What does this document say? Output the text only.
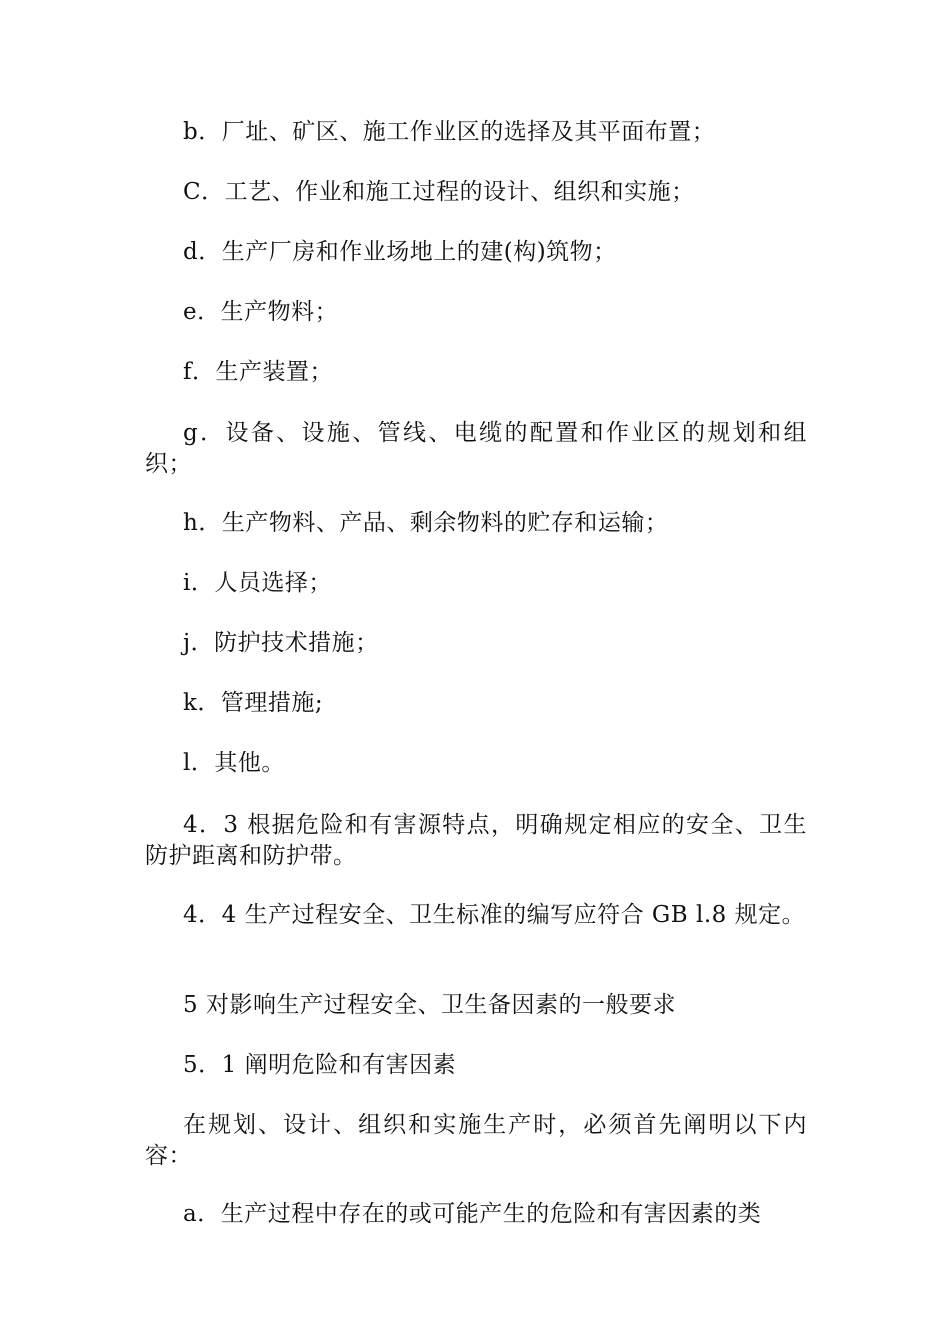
b．厂址、矿区、施工作业区的选择及其平面布置；

C．工艺、作业和施工过程的设计、组织和实施；

d．生产厂房和作业场地上的建(构)筑物；

e．生产物料；

f．生产装置；

g．设备、设施、管线、电缆的配置和作业区的规划和组织；

h．生产物料、产品、剩余物料的贮存和运输；

i．人员选择；

j．防护技术措施；

k．管理措施;

l．其他。

4．3 根据危险和有害源特点，明确规定相应的安全、卫生防护距离和防护带。

4．4 生产过程安全、卫生标准的编写应符合 GB l.8 规定。

5 对影响生产过程安全、卫生备因素的一般要求

5．1 阐明危险和有害因素

在规划、设计、组织和实施生产时，必须首先阐明以下内容：

a．生产过程中存在的或可能产生的危险和有害因素的类
